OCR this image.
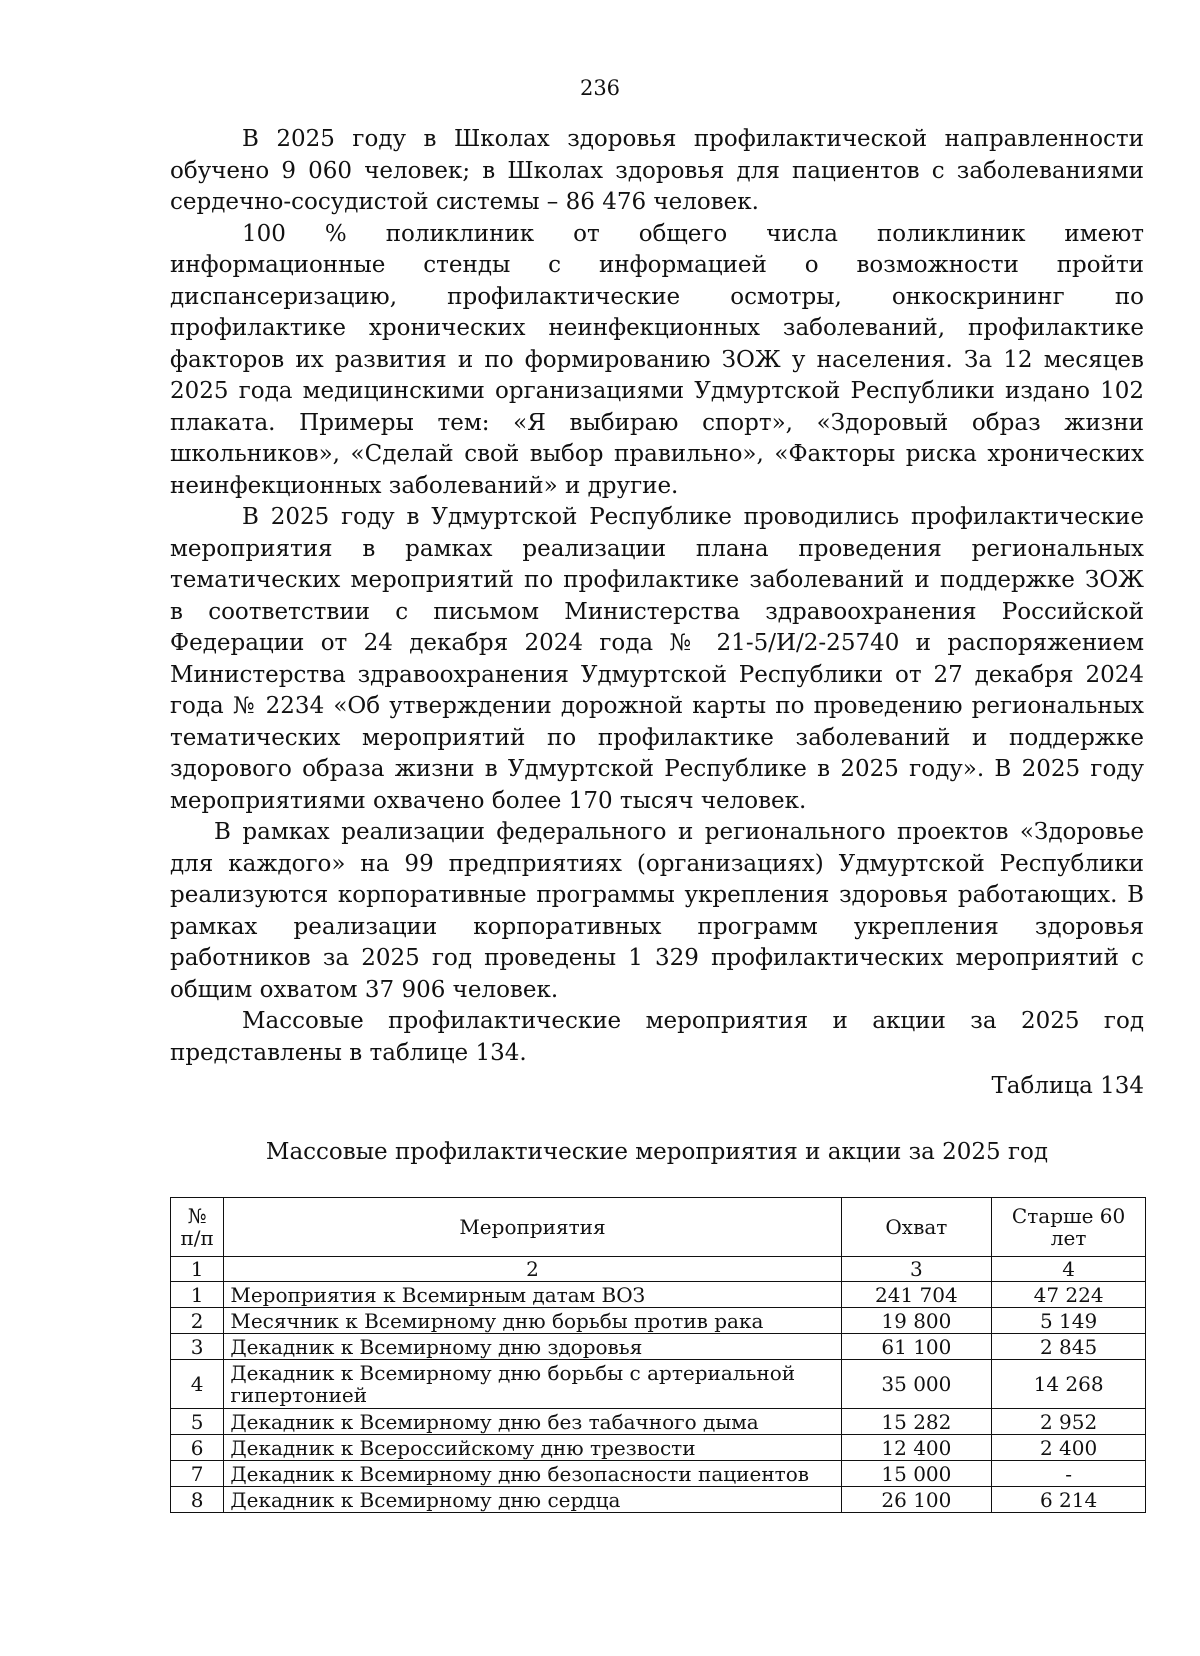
236

В 2025 году в Школах здоровья профилактической направленности обучено 9 060 человек; в Школах здоровья для пациентов с заболеваниями сердечно-сосудистой системы – 86 476 человек.

100 % поликлиник от общего числа поликлиник имеют информационные стенды с информацией о возможности пройти диспансеризацию, профилактические осмотры, онкоскрининг по профилактике хронических неинфекционных заболеваний, профилактике факторов их развития и по формированию ЗОЖ у населения. За 12 месяцев 2025 года медицинскими организациями Удмуртской Республики издано 102 плаката. Примеры тем: «Я выбираю спорт», «Здоровый образ жизни школьников», «Сделай свой выбор правильно», «Факторы риска хронических неинфекционных заболеваний» и другие.

В 2025 году в Удмуртской Республике проводились профилактические мероприятия в рамках реализации плана проведения региональных тематических мероприятий по профилактике заболеваний и поддержке ЗОЖ в соответствии с письмом Министерства здравоохранения Российской Федерации от 24 декабря 2024 года № 21-5/И/2-25740 и распоряжением Министерства здравоохранения Удмуртской Республики от 27 декабря 2024 года № 2234 «Об утверждении дорожной карты по проведению региональных тематических мероприятий по профилактике заболеваний и поддержке здорового образа жизни в Удмуртской Республике в 2025 году». В 2025 году мероприятиями охвачено более 170 тысяч человек.

В рамках реализации федерального и регионального проектов «Здоровье для каждого» на 99 предприятиях (организациях) Удмуртской Республики реализуются корпоративные программы укрепления здоровья работающих. В рамках реализации корпоративных программ укрепления здоровья работников за 2025 год проведены 1 329 профилактических мероприятий с общим охватом 37 906 человек.

Массовые профилактические мероприятия и акции за 2025 год представлены в таблице 134.

Таблица 134

Массовые профилактические мероприятия и акции за 2025 год

№ п/п	Мероприятия	Охват	Старше 60 лет
1	2	3	4
1	Мероприятия к Всемирным датам ВОЗ	241 704	47 224
2	Месячник к Всемирному дню борьбы против рака	19 800	5 149
3	Декадник к Всемирному дню здоровья	61 100	2 845
4	Декадник к Всемирному дню борьбы с артериальной гипертонией	35 000	14 268
5	Декадник к Всемирному дню без табачного дыма	15 282	2 952
6	Декадник к Всероссийскому дню трезвости	12 400	2 400
7	Декадник к Всемирному дню безопасности пациентов	15 000	-
8	Декадник к Всемирному дню сердца	26 100	6 214
